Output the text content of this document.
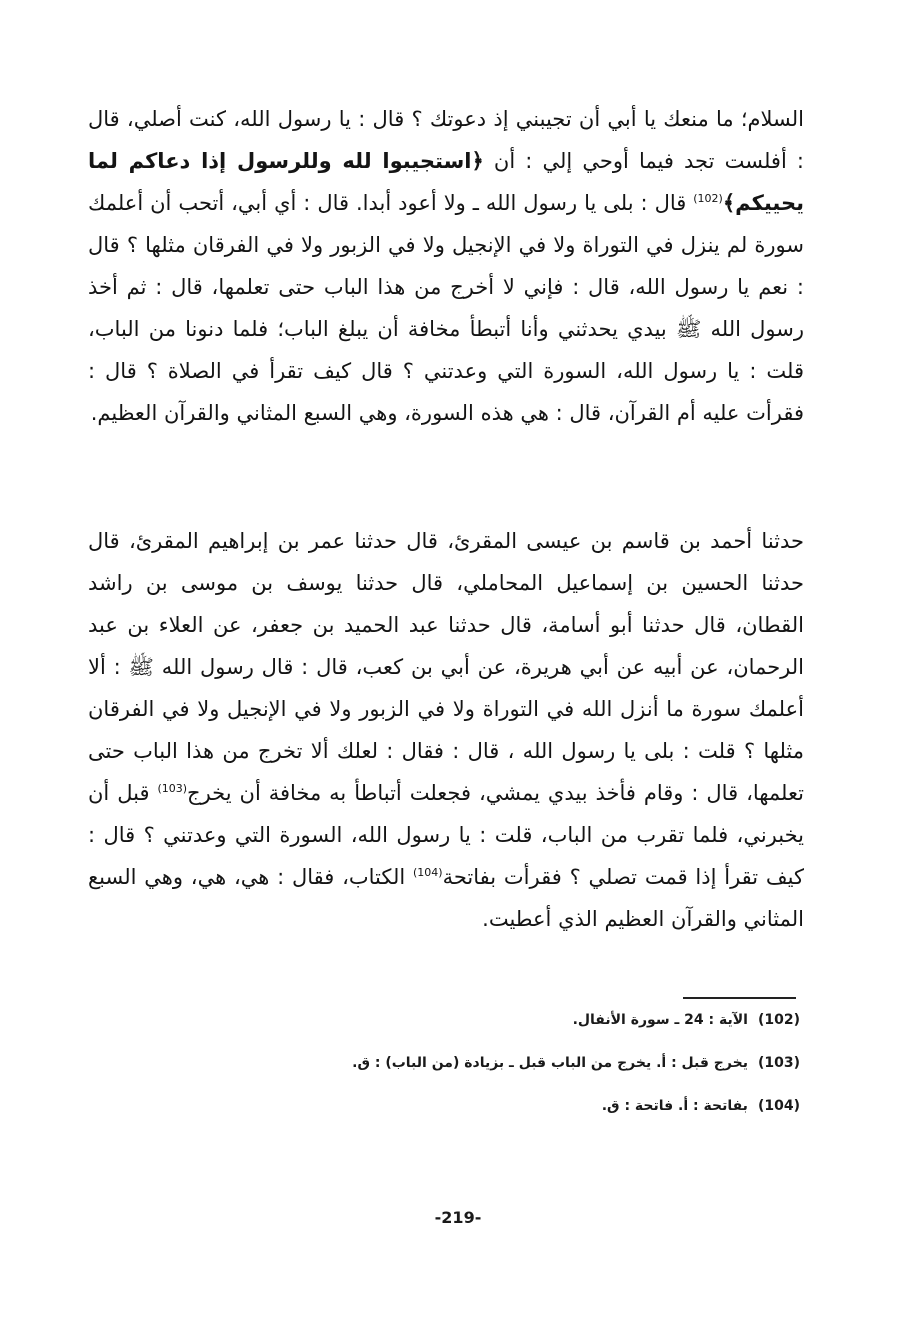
السلام؛ ما منعك يا أبي أن تجيبني إذ دعوتك ؟ قال : يا رسول الله، كنت أصلي، قال : أفلست تجد فيما أوحي إلي : أن ﴿استجيبوا لله وللرسول إذا دعاكم لما يحييكم﴾$^{(102)}$ قال : بلى يا رسول الله ـ ولا أعود أبدا. قال : أي أبي، أتحب أن أعلمك سورة لم ينزل في التوراة ولا في الإنجيل ولا في الزبور ولا في الفرقان مثلها ؟ قال : نعم يا رسول الله، قال : فإني لا أخرج من هذا الباب حتى تعلمها، قال : ثم أخذ رسول الله ﷺ بيدي يحدثني وأنا أتبطأ مخافة أن يبلغ الباب؛ فلما دنونا من الباب، قلت : يا رسول الله، السورة التي وعدتني ؟ قال كيف تقرأ في الصلاة ؟ قال : فقرأت عليه أم القرآن، قال : هي هذه السورة، وهي السبع المثاني والقرآن العظيم.
حدثنا أحمد بن قاسم بن عيسى المقرئ، قال حدثنا عمر بن إبراهيم المقرئ، قال حدثنا الحسين بن إسماعيل المحاملي، قال حدثنا يوسف بن موسى بن راشد القطان، قال حدثنا أبو أسامة، قال حدثنا عبد الحميد بن جعفر، عن العلاء بن عبد الرحمان، عن أبيه عن أبي هريرة، عن أبي بن كعب، قال : قال رسول الله ﷺ : ألا أعلمك سورة ما أنزل الله في التوراة ولا في الزبور ولا في الإنجيل ولا في الفرقان مثلها ؟ قلت : بلى يا رسول الله ، قال : فقال : لعلك ألا تخرج من هذا الباب حتى تعلمها، قال : وقام فأخذ بيدي يمشي، فجعلت أتباطأ به مخافة أن يخرج$^{(103)}$ قبل أن يخبرني، فلما تقرب من الباب، قلت : يا رسول الله، السورة التي وعدتني ؟ قال : كيف تقرأ إذا قمت تصلي ؟ فقرأت بفاتحة$^{(104)}$ الكتاب، فقال : هي، هي، وهي السبع المثاني والقرآن العظيم الذي أعطيت.
(102)الآية : 24 ـ سورة الأنفال.
(103)يخرج قبل : أ. يخرج من الباب قبل ـ بزيادة (من الباب) : ق.
(104)بفاتحة : أ. فاتحة : ق.
-219-
